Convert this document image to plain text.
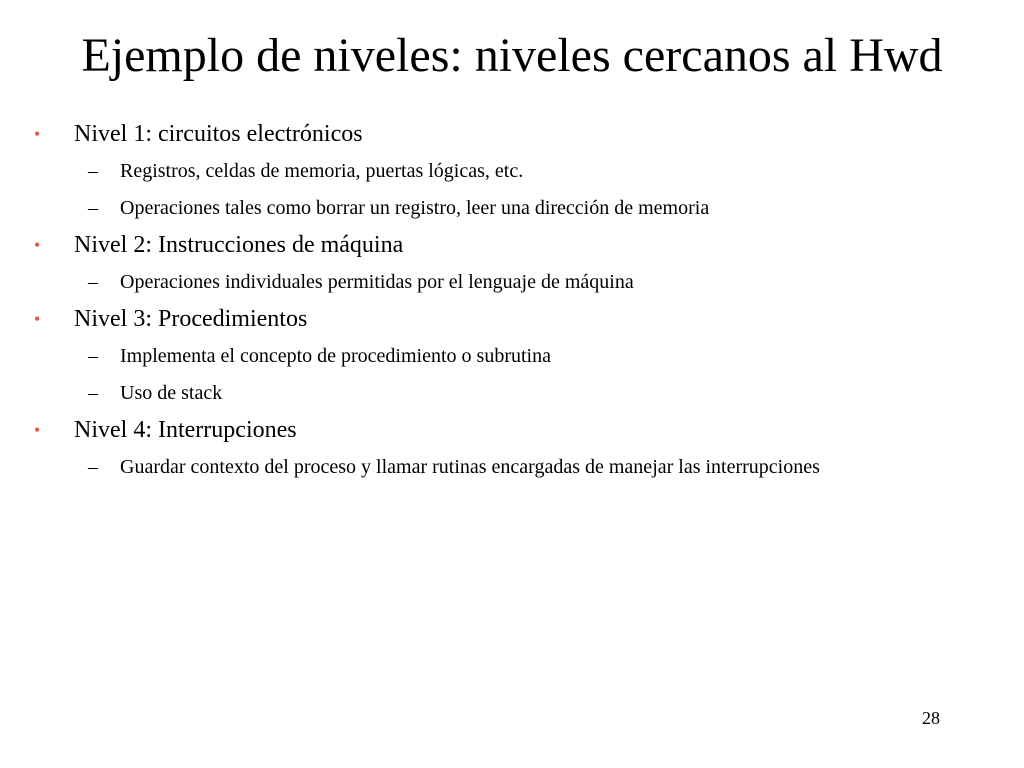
Ejemplo de niveles: niveles cercanos al Hwd
• Nivel 1: circuitos electrónicos
– Registros, celdas de memoria, puertas lógicas, etc.
– Operaciones tales como borrar un registro, leer una dirección de memoria
• Nivel 2: Instrucciones de máquina
– Operaciones individuales permitidas por el lenguaje de máquina
• Nivel 3: Procedimientos
– Implementa el concepto de procedimiento o subrutina
– Uso de stack
• Nivel 4: Interrupciones
– Guardar contexto del proceso y llamar rutinas encargadas de manejar las interrupciones
28
